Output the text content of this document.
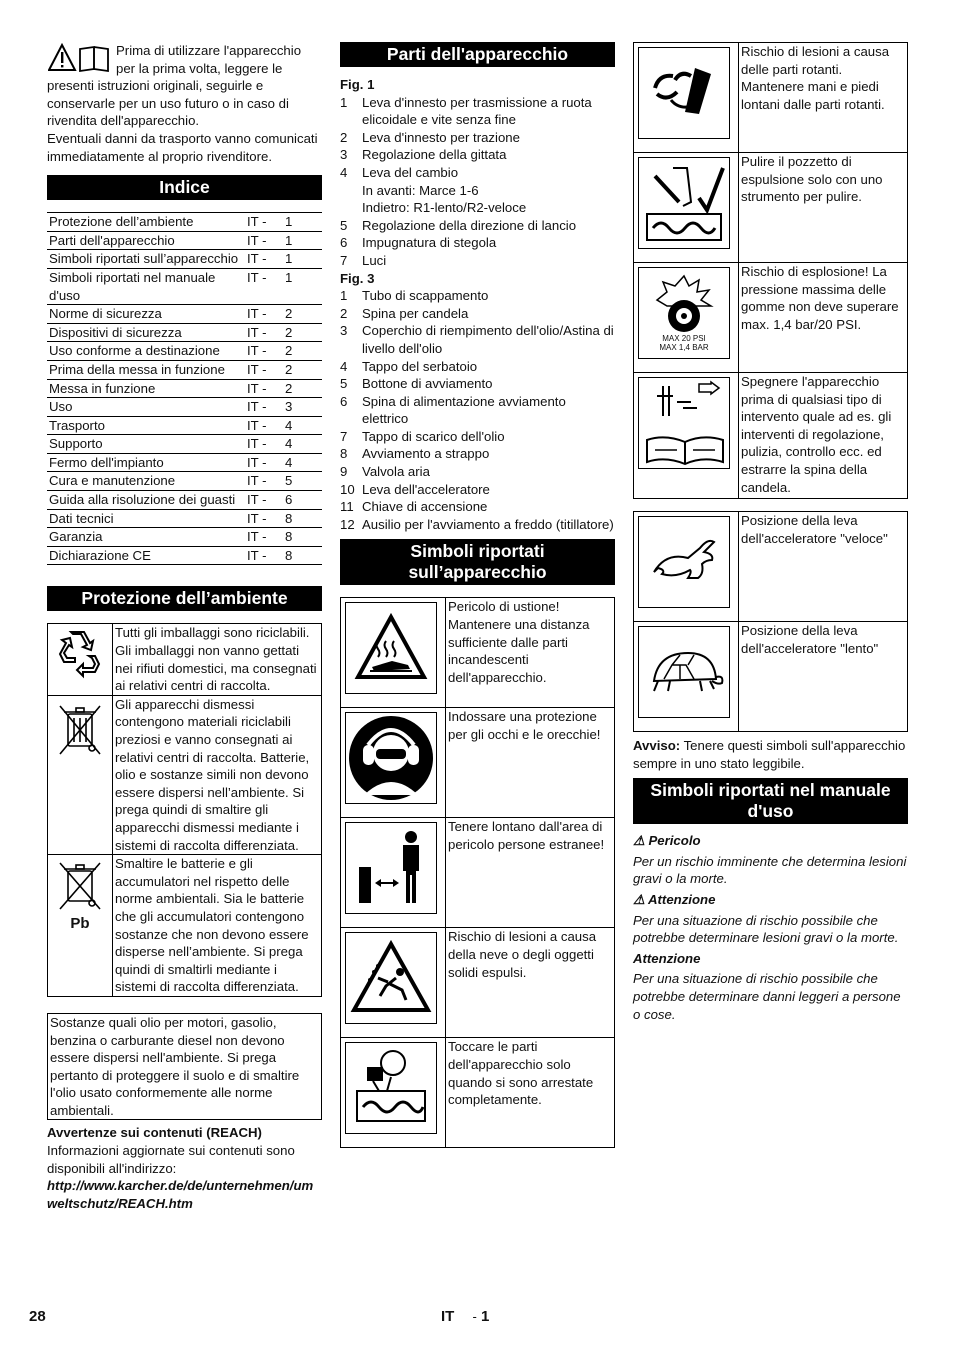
Prima di utilizzare l'apparecchio per la prima volta, leggere le presenti istruzioni originali, seguirle e conservarle per un uso futuro o in caso di rivendita dell'apparecchio.

Eventuali danni da trasporto vanno comunicati immediatamente al proprio rivenditore.

Indice
Protezione dell’ambiente	IT -	1
Parti dell'apparecchio	IT -	1
Simboli riportati sull’apparecchio	IT -	1
Simboli riportati nel manuale d'uso	IT -	1
Norme di sicurezza	IT -	2
Dispositivi di sicurezza	IT -	2
Uso conforme a destinazione	IT -	2
Prima della messa in funzione	IT -	2
Messa in funzione	IT -	2
Uso	IT -	3
Trasporto	IT -	4
Supporto	IT -	4
Fermo dell'impianto	IT -	4
Cura e manutenzione	IT -	5
Guida alla risoluzione dei guasti	IT -	6
Dati tecnici	IT -	8
Garanzia	IT -	8
Dichiarazione CE	IT -	8
Protezione dell’ambiente
	Tutti gli imballaggi sono riciclabili. Gli imballaggi non vanno gettati nei rifiuti domestici, ma consegnati ai relativi centri di raccolta.
	Gli apparecchi dismessi contengono materiali riciclabili preziosi e vanno consegnati ai relativi centri di raccolta. Batterie, olio e sostanze simili non devono essere dispersi nell’ambiente. Si prega quindi di smaltire gli apparecchi dismessi mediante i sistemi di raccolta differenziata.

Pb	Smaltire le batterie e gli accumulatori nel rispetto delle norme ambientali. Sia le batterie che gli accumulatori contengono sostanze che non devono essere disperse nell’ambiente. Si prega quindi di smaltirli mediante i sistemi di raccolta differenziata.
Sostanze quali olio per motori, gasolio, benzina o carburante diesel non devono essere dispersi nell'ambiente. Si prega pertanto di proteggere il suolo e di smaltire l'olio usato conformemente alle norme ambientali.

Avvertenze sui contenuti (REACH)

Informazioni aggiornate sui contenuti sono disponibili all'indirizzo:

http://www.karcher.de/de/unternehmen/umweltschutz/REACH.htm

Parti dell'apparecchio

Fig. 1

1	Leva d'innesto per trasmissione a ruota elicoidale e vite senza fine
2	Leva d'innesto per trazione
3	Regolazione della gittata
4	Leva del cambio
In avanti: Marce 1-6
Indietro: R1-lento/R2-veloce
5	Regolazione della direzione di lancio
6	Impugnatura di stegola
7	Luci

Fig. 3

1	Tubo di scappamento
2	Spina per candela
3	Coperchio di riempimento dell'olio/Astina di livello dell'olio
4	Tappo del serbatoio
5	Bottone di avviamento
6	Spina di alimentazione avviamento elettrico
7	Tappo di scarico dell'olio
8	Avviamento a strappo
9	Valvola aria
10 Leva dell'acceleratore
11 Chiave di accensione
12 Ausilio per l'avviamento a freddo (titillatore)
Simboli riportati sull’apparecchio
	Pericolo di ustione! Mantenere una distanza sufficiente dalle parti incandescenti dell'apparecchio.

	Indossare una protezione per gli occhi e le orecchie!

	Tenere lontano dall'area di pericolo persone estranee!

	Rischio di lesioni a causa della neve o degli oggetti solidi espulsi.

	Toccare le parti dell'apparecchio solo quando si sono arrestate completamente.
	Rischio di lesioni a causa delle parti rotanti. Mantenere mani e piedi lontani dalle parti rotanti.

	Pulire il pozzetto di espulsione solo con uno strumento per pulire.

MAX 20 PSI
MAX 1,4 BAR	Rischio di esplosione! La pressione massima delle gomme non deve superare max. 1,4 bar/20 PSI.

	Spegnere l'apparecchio prima di qualsiasi tipo di intervento quale ad es. gli interventi di regolazione, pulizia, controllo ecc. ed estrarre la spina della candela.
	Posizione della leva dell'acceleratore "veloce"

	Posizione della leva dell'acceleratore "lento"

Avviso: Tenere questi simboli sull'apparecchio sempre in uno stato leggibile.

Simboli riportati nel manuale d'uso

⚠ Pericolo

Per un rischio imminente che determina lesioni gravi o la morte.

⚠ Attenzione

Per una situazione di rischio possibile che potrebbe determinare lesioni gravi o la morte.

Attenzione

Per una situazione di rischio possibile che potrebbe determinare danni leggeri a persone o cose.

28	IT - 1
